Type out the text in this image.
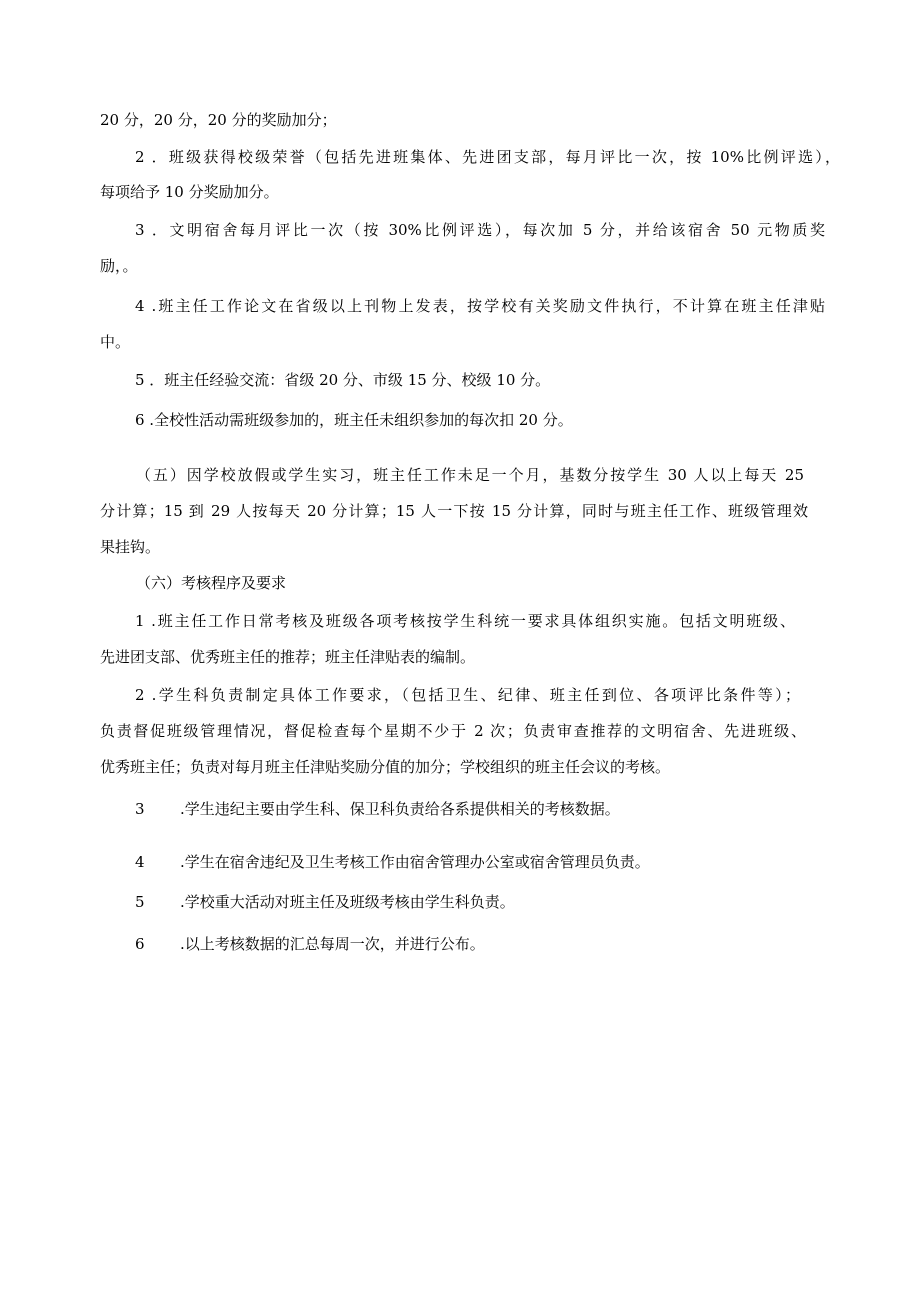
20 分，20 分，20 分的奖励加分；
2 ．班级获得校级荣誉（包括先进班集体、先进团支部，每月评比一次，按 10%比例评选），
每项给予 10 分奖励加分。
3 ．文明宿舍每月评比一次（按 30%比例评选），每次加 5 分，并给该宿舍 50 元物质奖
励，。
4 .班主任工作论文在省级以上刊物上发表，按学校有关奖励文件执行，不计算在班主任津贴
中。
5 ．班主任经验交流：省级 20 分、市级 15 分、校级 10 分。
6 .全校性活动需班级参加的，班主任未组织参加的每次扣 20 分。
（五）因学校放假或学生实习，班主任工作未足一个月，基数分按学生 30 人以上每天 25
分计算；15 到 29 人按每天 20 分计算；15 人一下按 15 分计算，同时与班主任工作、班级管理效
果挂钩。
（六）考核程序及要求
1 .班主任工作日常考核及班级各项考核按学生科统一要求具体组织实施。包括文明班级、
先进团支部、优秀班主任的推荐；班主任津贴表的编制。
2 .学生科负责制定具体工作要求，（包括卫生、纪律、班主任到位、各项评比条件等）；
负责督促班级管理情况，督促检查每个星期不少于 2 次；负责审查推荐的文明宿舍、先进班级、
优秀班主任；负责对每月班主任津贴奖励分值的加分；学校组织的班主任会议的考核。
3	.学生违纪主要由学生科、保卫科负责给各系提供相关的考核数据。
4	.学生在宿舍违纪及卫生考核工作由宿舍管理办公室或宿舍管理员负责。
5	.学校重大活动对班主任及班级考核由学生科负责。
6	.以上考核数据的汇总每周一次，并进行公布。
